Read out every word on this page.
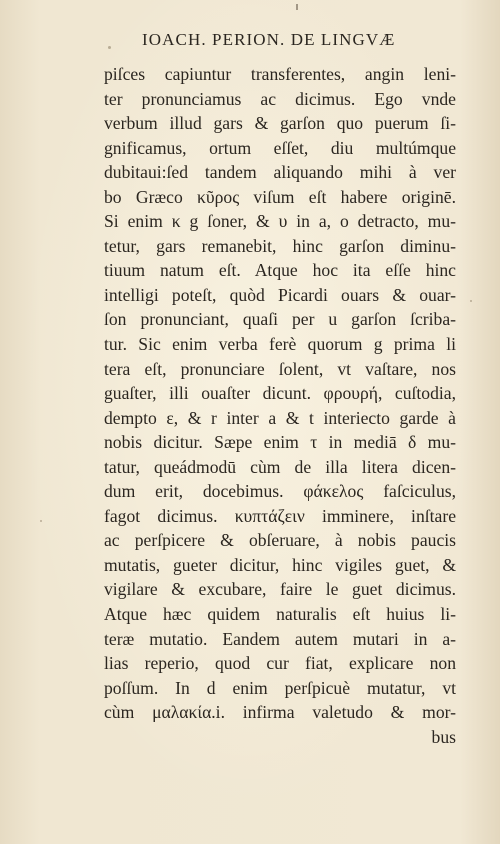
IOACH. PERION. DE LINGVÆ
piſces capiuntur transferentes, angin leni-
ter pronunciamus ac dicimus. Ego vnde
verbum illud gars & garſon quo puerum ſi-
gnificamus, ortum eſſet, diu multúmque
dubitaui:ſed tandem aliquando mihi à ver
bo Græco κῦρος viſum eſt habere originē.
Si enim κ g ſoner, & υ in a, ο detracto, mu-
tetur, gars remanebit, hinc garſon diminu-
tiuum natum eſt. Atque hoc ita eſſe hinc
intelligi poteſt, quòd Picardi ouars & ouar-
ſon pronunciant, quaſi per u garſon ſcriba-
tur. Sic enim verba ferè quorum g prima li
tera eſt, pronunciare ſolent, vt vaſtare, nos
guaſter, illi ouaſter dicunt. φρουρή, cuſtodia,
dempto ε, & r inter a & t interiecto garde à
nobis dicitur. Sæpe enim τ in mediā δ mu-
tatur, queádmodū cùm de illa litera dicen-
dum erit, docebimus. φάκελος faſciculus,
fagot dicimus. κυπτάζειν imminere, inſtare
ac perſpicere & obſeruare, à nobis paucis
mutatis, gueter dicitur, hinc vigiles guet, &
vigilare & excubare, faire le guet dicimus.
Atque hæc quidem naturalis eſt huius li-
teræ mutatio. Eandem autem mutari in a-
lias reperio, quod cur fiat, explicare non
poſſum. In d enim perſpicuè mutatur, vt
cùm μαλακία.i. infirma valetudo & mor-
bus
